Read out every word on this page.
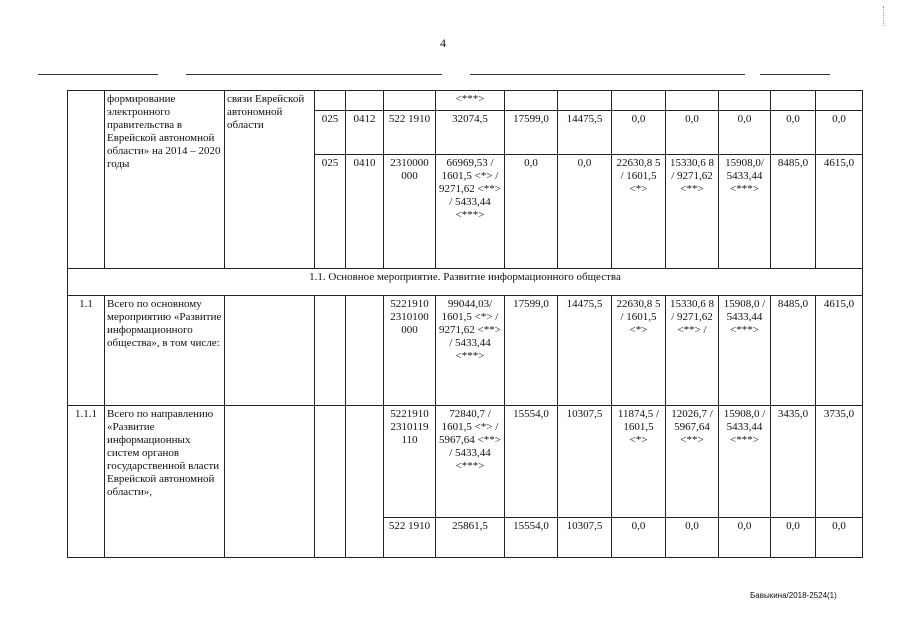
4
	формирование электронного правительства в Еврейской автономной области» на 2014 – 2020 годы	связи Еврейской автономной области				<***>							
			025	0412	522 1910	32074,5	17599,0	14475,5	0,0	0,0	0,0	0,0	0,0
			025	0410	2310000 000	66969,53 / 1601,5 <*> / 9271,62 <**> / 5433,44 <***>	0,0	0,0	22630,8 5 / 1601,5 <*>	15330,6 8 / 9271,62 <**>	15908,0/ 5433,44 <***>	8485,0	4615,0
1.1. Основное мероприятие. Развитие информационного общества													
1.1	Всего по основному мероприятию «Развитие информационного общества», в том числе:				5221910 2310100 000	99044,03/ 1601,5 <*> / 9271,62 <**> / 5433,44 <***>	17599,0	14475,5	22630,8 5 / 1601,5 <*>	15330,6 8 / 9271,62 <**> /	15908,0 / 5433,44 <***>	8485,0	4615,0
1.1.1	Всего по направлению «Развитие информационных систем органов государственной власти Еврейской автономной области»,				5221910 2310119 110	72840,7 / 1601,5 <*> / 5967,64 <**> / 5433,44 <***>	15554,0	10307,5	11874,5 / 1601,5 <*>	12026,7 / 5967,64 <**>	15908,0 / 5433,44 <***>	3435,0	3735,0
					522 1910	25861,5	15554,0	10307,5	0,0	0,0	0,0	0,0	0,0
Бавыкина/2018-2524(1)
